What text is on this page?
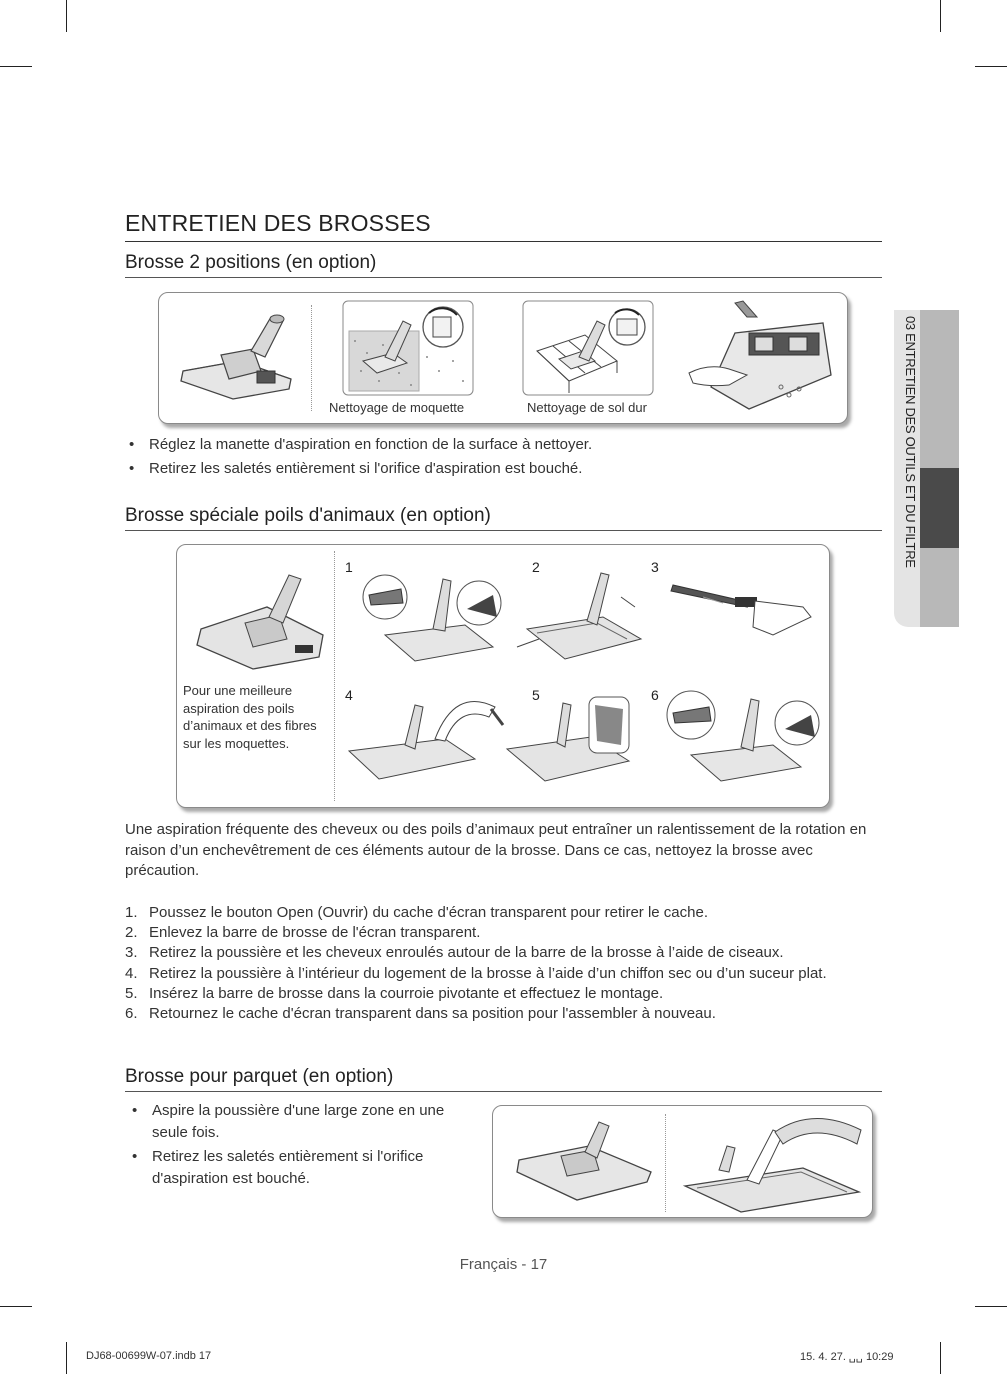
03 ENTRETIEN DES OUTILS ET DU FILTRE
ENTRETIEN DES BROSSES
Brosse 2 positions (en option)
Nettoyage de moquette	Nettoyage de sol dur
• Réglez la manette d'aspiration en fonction de la surface à nettoyer.
• Retirez les saletés entièrement si l'orifice d'aspiration est bouché.
Brosse spéciale poils d'animaux (en option)
Pour une meilleure aspiration des poils d’animaux et des fibres sur les moquettes.
1	2	3
4	5	6

Une aspiration fréquente des cheveux ou des poils d’animaux peut entraîner un ralentissement de la rotation en raison d’un enchevêtrement de ces éléments autour de la brosse. Dans ce cas, nettoyez la brosse avec précaution.

1. Poussez le bouton Open (Ouvrir) du cache d'écran transparent pour retirer le cache.
2. Enlevez la barre de brosse de l'écran transparent.
3. Retirez la poussière et les cheveux enroulés autour de la barre de la brosse à l’aide de ciseaux.
4. Retirez la poussière à l’intérieur du logement de la brosse à l’aide d’un chiffon sec ou d’un suceur plat.
5. Insérez la barre de brosse dans la courroie pivotante et effectuez le montage.
6. Retournez le cache d'écran transparent dans sa position pour l'assembler à nouveau.
Brosse pour parquet (en option)
• Aspire la poussière d'une large zone en une seule fois.
• Retirez les saletés entièrement si l'orifice d'aspiration est bouché.
Français - 17
DJ68-00699W-07.indb 17	15. 4. 27. ␣␣ 10:29
